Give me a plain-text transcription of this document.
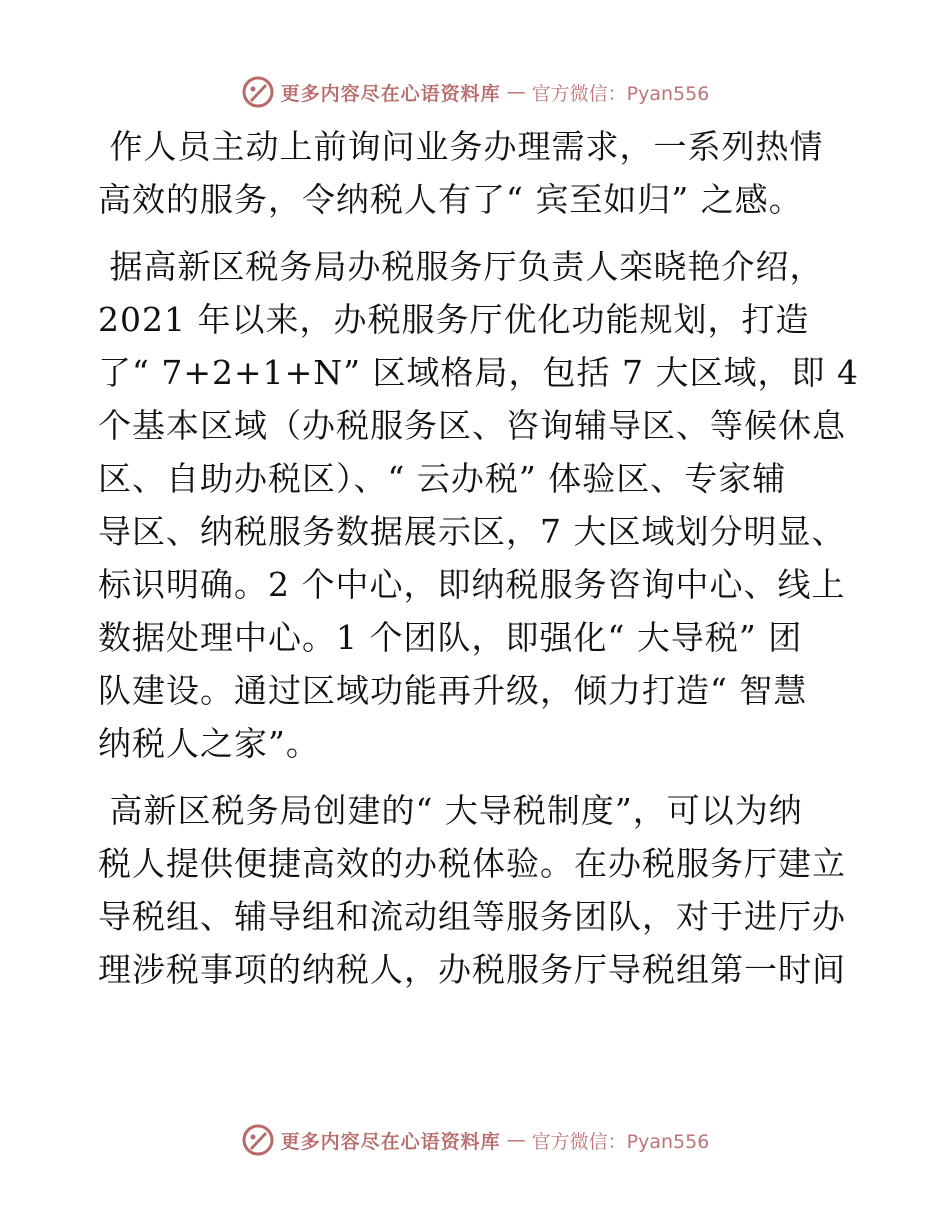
更多内容尽在心语资料库 — 官方微信：Pyan556
作人员主动上前询问业务办理需求，一系列热情
高效的服务，令纳税人有了“ 宾至如归” 之感。
据高新区税务局办税服务厅负责人栾晓艳介绍，
2021 年以来，办税服务厅优化功能规划，打造
了“ 7+2+1+N” 区域格局，包括 7 大区域，即 4
个基本区域（办税服务区、咨询辅导区、等候休息
区、自助办税区）、“ 云办税” 体验区、专家辅
导区、纳税服务数据展示区，7 大区域划分明显、
标识明确。2 个中心，即纳税服务咨询中心、线上
数据处理中心。1 个团队，即强化“ 大导税” 团
队建设。通过区域功能再升级，倾力打造“ 智慧
纳税人之家”。
高新区税务局创建的“ 大导税制度”，可以为纳
税人提供便捷高效的办税体验。在办税服务厅建立
导税组、辅导组和流动组等服务团队，对于进厅办
理涉税事项的纳税人，办税服务厅导税组第一时间
更多内容尽在心语资料库 — 官方微信：Pyan556
